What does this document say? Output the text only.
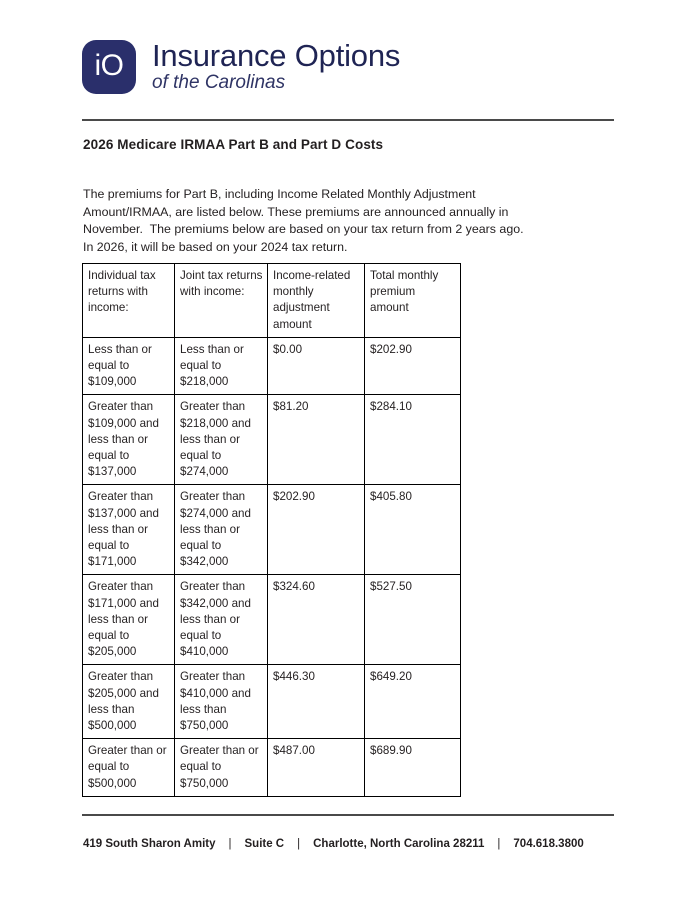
iO Insurance Options
of the Carolinas
2026 Medicare IRMAA Part B and Part D Costs
The premiums for Part B, including Income Related Monthly Adjustment Amount/IRMAA, are listed below. These premiums are announced annually in November.  The premiums below are based on your tax return from 2 years ago.  In 2026, it will be based on your 2024 tax return.
Individual tax returns with income:	Joint tax returns with income:	Income-related monthly adjustment amount	Total monthly premium amount
Less than or equal to $109,000	Less than or equal to $218,000	$0.00	$202.90
Greater than $109,000 and less than or equal to $137,000	Greater than $218,000 and less than or equal to $274,000	$81.20	$284.10
Greater than $137,000 and less than or equal to $171,000	Greater than $274,000 and less than or equal to $342,000	$202.90	$405.80
Greater than $171,000 and less than or equal to $205,000	Greater than $342,000 and less than or equal to $410,000	$324.60	$527.50
Greater than $205,000 and less than $500,000	Greater than $410,000 and less than $750,000	$446.30	$649.20
Greater than or equal to $500,000	Greater than or equal to $750,000	$487.00	$689.90
419 South Sharon Amity	|	Suite C	|	Charlotte, North Carolina 28211	|	704.618.3800
